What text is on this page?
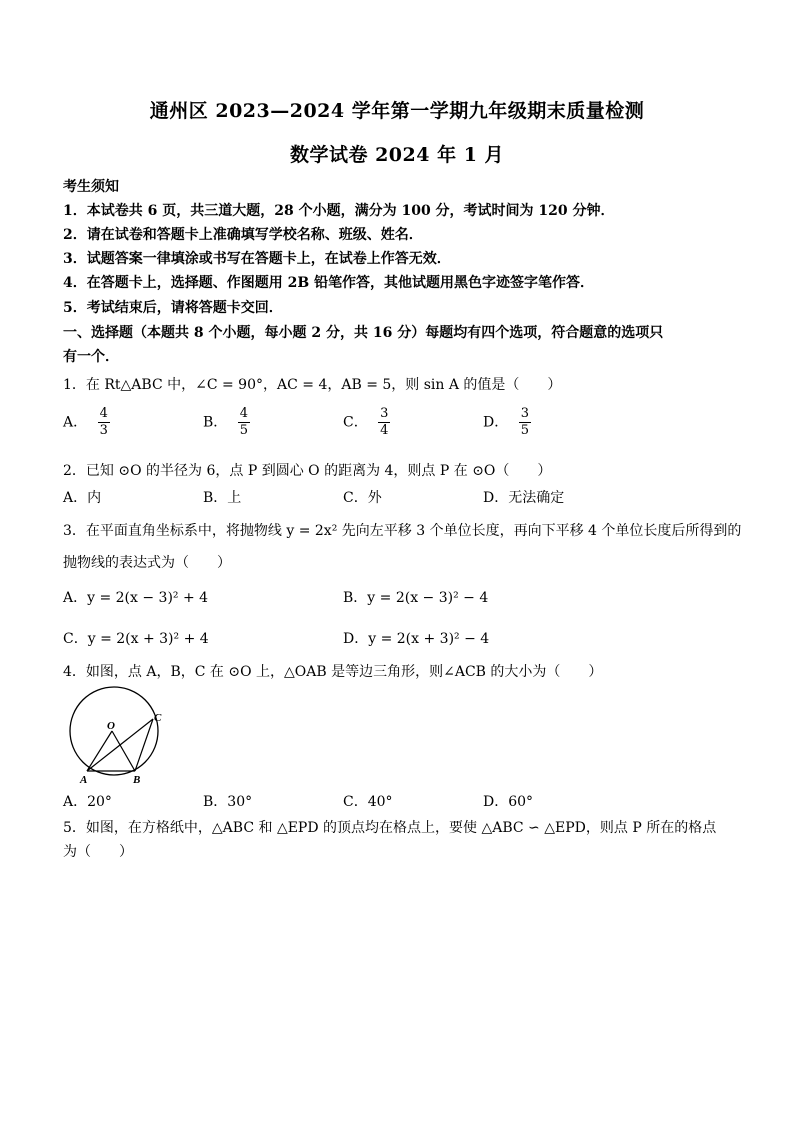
通州区 2023—2024 学年第一学期九年级期末质量检测
数学试卷 2024 年 1 月
考生须知
1．本试卷共 6 页，共三道大题，28 个小题，满分为 100 分，考试时间为 120 分钟．
2．请在试卷和答题卡上准确填写学校名称、班级、姓名．
3．试题答案一律填涂或书写在答题卡上，在试卷上作答无效．
4．在答题卡上，选择题、作图题用 2B 铅笔作答，其他试题用黑色字迹签字笔作答．
5．考试结束后，请将答题卡交回．
一、选择题（本题共 8 个小题，每小题 2 分，共 16 分）每题均有四个选项，符合题意的选项只
有一个．
1．在 Rt△ABC 中，∠C = 90°，AC = 4，AB = 5，则 sin A 的值是（　　）
A． $\frac{4}{3}$	B． $\frac{4}{5}$	C． $\frac{3}{4}$	D． $\frac{3}{5}$
2．已知 ⊙O 的半径为 6，点 P 到圆心 O 的距离为 4，则点 P 在 ⊙O（　　）
A．内	B．上	C．外	D．无法确定
3．在平面直角坐标系中，将抛物线 y = 2x² 先向左平移 3 个单位长度，再向下平移 4 个单位长度后所得到的
抛物线的表达式为（　　）
A．y = 2(x − 3)² + 4	B．y = 2(x − 3)² − 4
C．y = 2(x + 3)² + 4	D．y = 2(x + 3)² − 4
4．如图，点 A，B，C 在 ⊙O 上，△OAB 是等边三角形，则∠ACB 的大小为（　　）
O
C
A	B
A．20°	B．30°	C．40°	D．60°
5．如图，在方格纸中，△ABC 和 △EPD 的顶点均在格点上，要使 △ABC ∽ △EPD，则点 P 所在的格点
为（　　）
